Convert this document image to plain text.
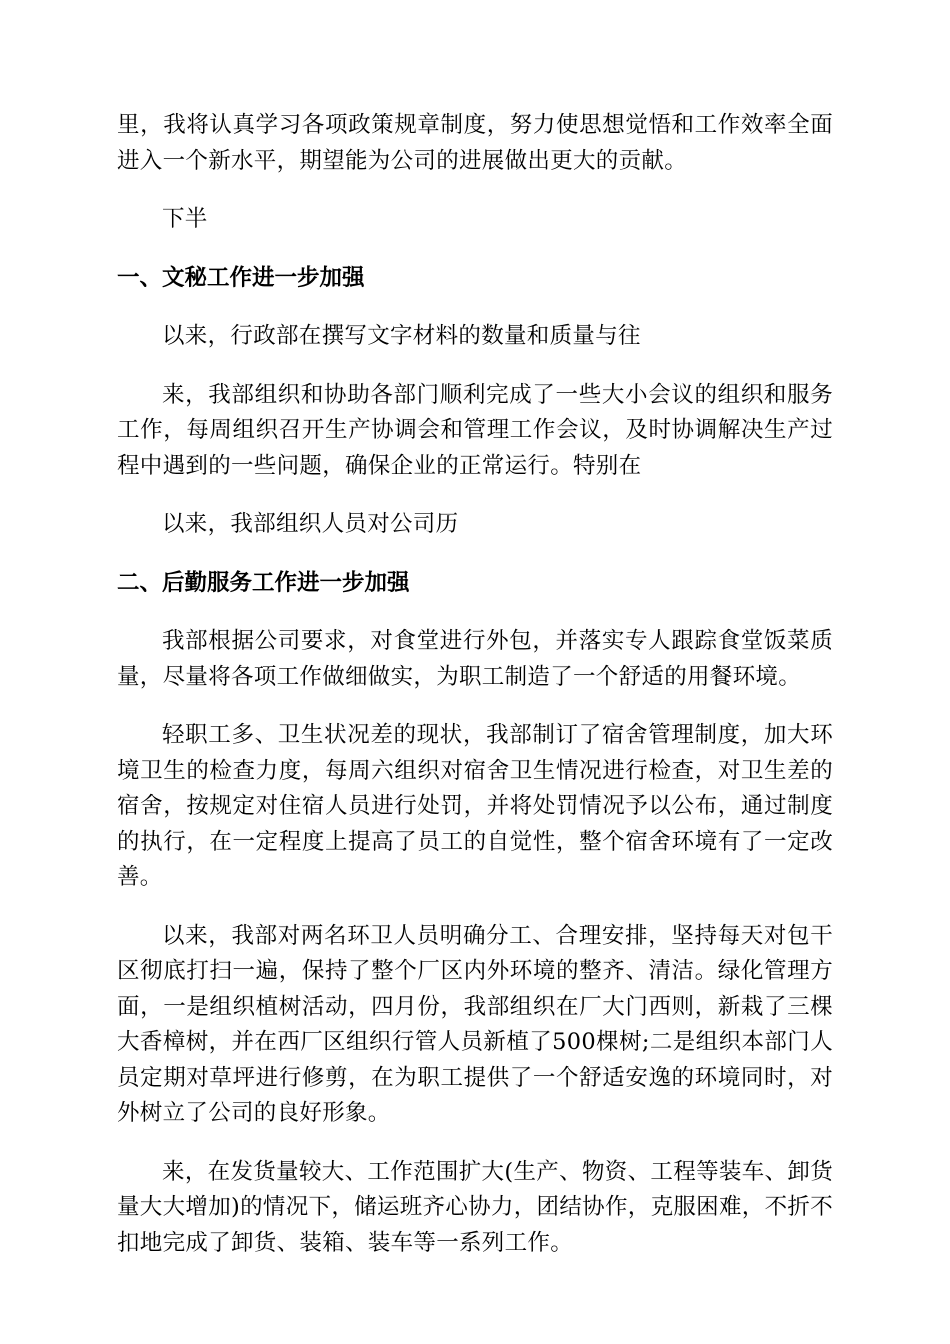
里，我将认真学习各项政策规章制度，努力使思想觉悟和工作效率全面进入一个新水平，期望能为公司的进展做出更大的贡献。

下半

一、文秘工作进一步加强

以来，行政部在撰写文字材料的数量和质量与往

来，我部组织和协助各部门顺利完成了一些大小会议的组织和服务工作，每周组织召开生产协调会和管理工作会议，及时协调解决生产过程中遇到的一些问题，确保企业的正常运行。特别在

以来，我部组织人员对公司历

二、后勤服务工作进一步加强

我部根据公司要求，对食堂进行外包，并落实专人跟踪食堂饭菜质量，尽量将各项工作做细做实，为职工制造了一个舒适的用餐环境。

轻职工多、卫生状况差的现状，我部制订了宿舍管理制度，加大环境卫生的检查力度，每周六组织对宿舍卫生情况进行检查，对卫生差的宿舍，按规定对住宿人员进行处罚，并将处罚情况予以公布，通过制度的执行，在一定程度上提高了员工的自觉性，整个宿舍环境有了一定改善。

以来，我部对两名环卫人员明确分工、合理安排，坚持每天对包干区彻底打扫一遍，保持了整个厂区内外环境的整齐、清洁。绿化管理方面，一是组织植树活动，四月份，我部组织在厂大门西则，新栽了三棵大香樟树，并在西厂区组织行管人员新植了500棵树;二是组织本部门人员定期对草坪进行修剪，在为职工提供了一个舒适安逸的环境同时，对外树立了公司的良好形象。

来，在发货量较大、工作范围扩大(生产、物资、工程等装车、卸货量大大增加)的情况下，储运班齐心协力，团结协作，克服困难，不折不扣地完成了卸货、装箱、装车等一系列工作。
